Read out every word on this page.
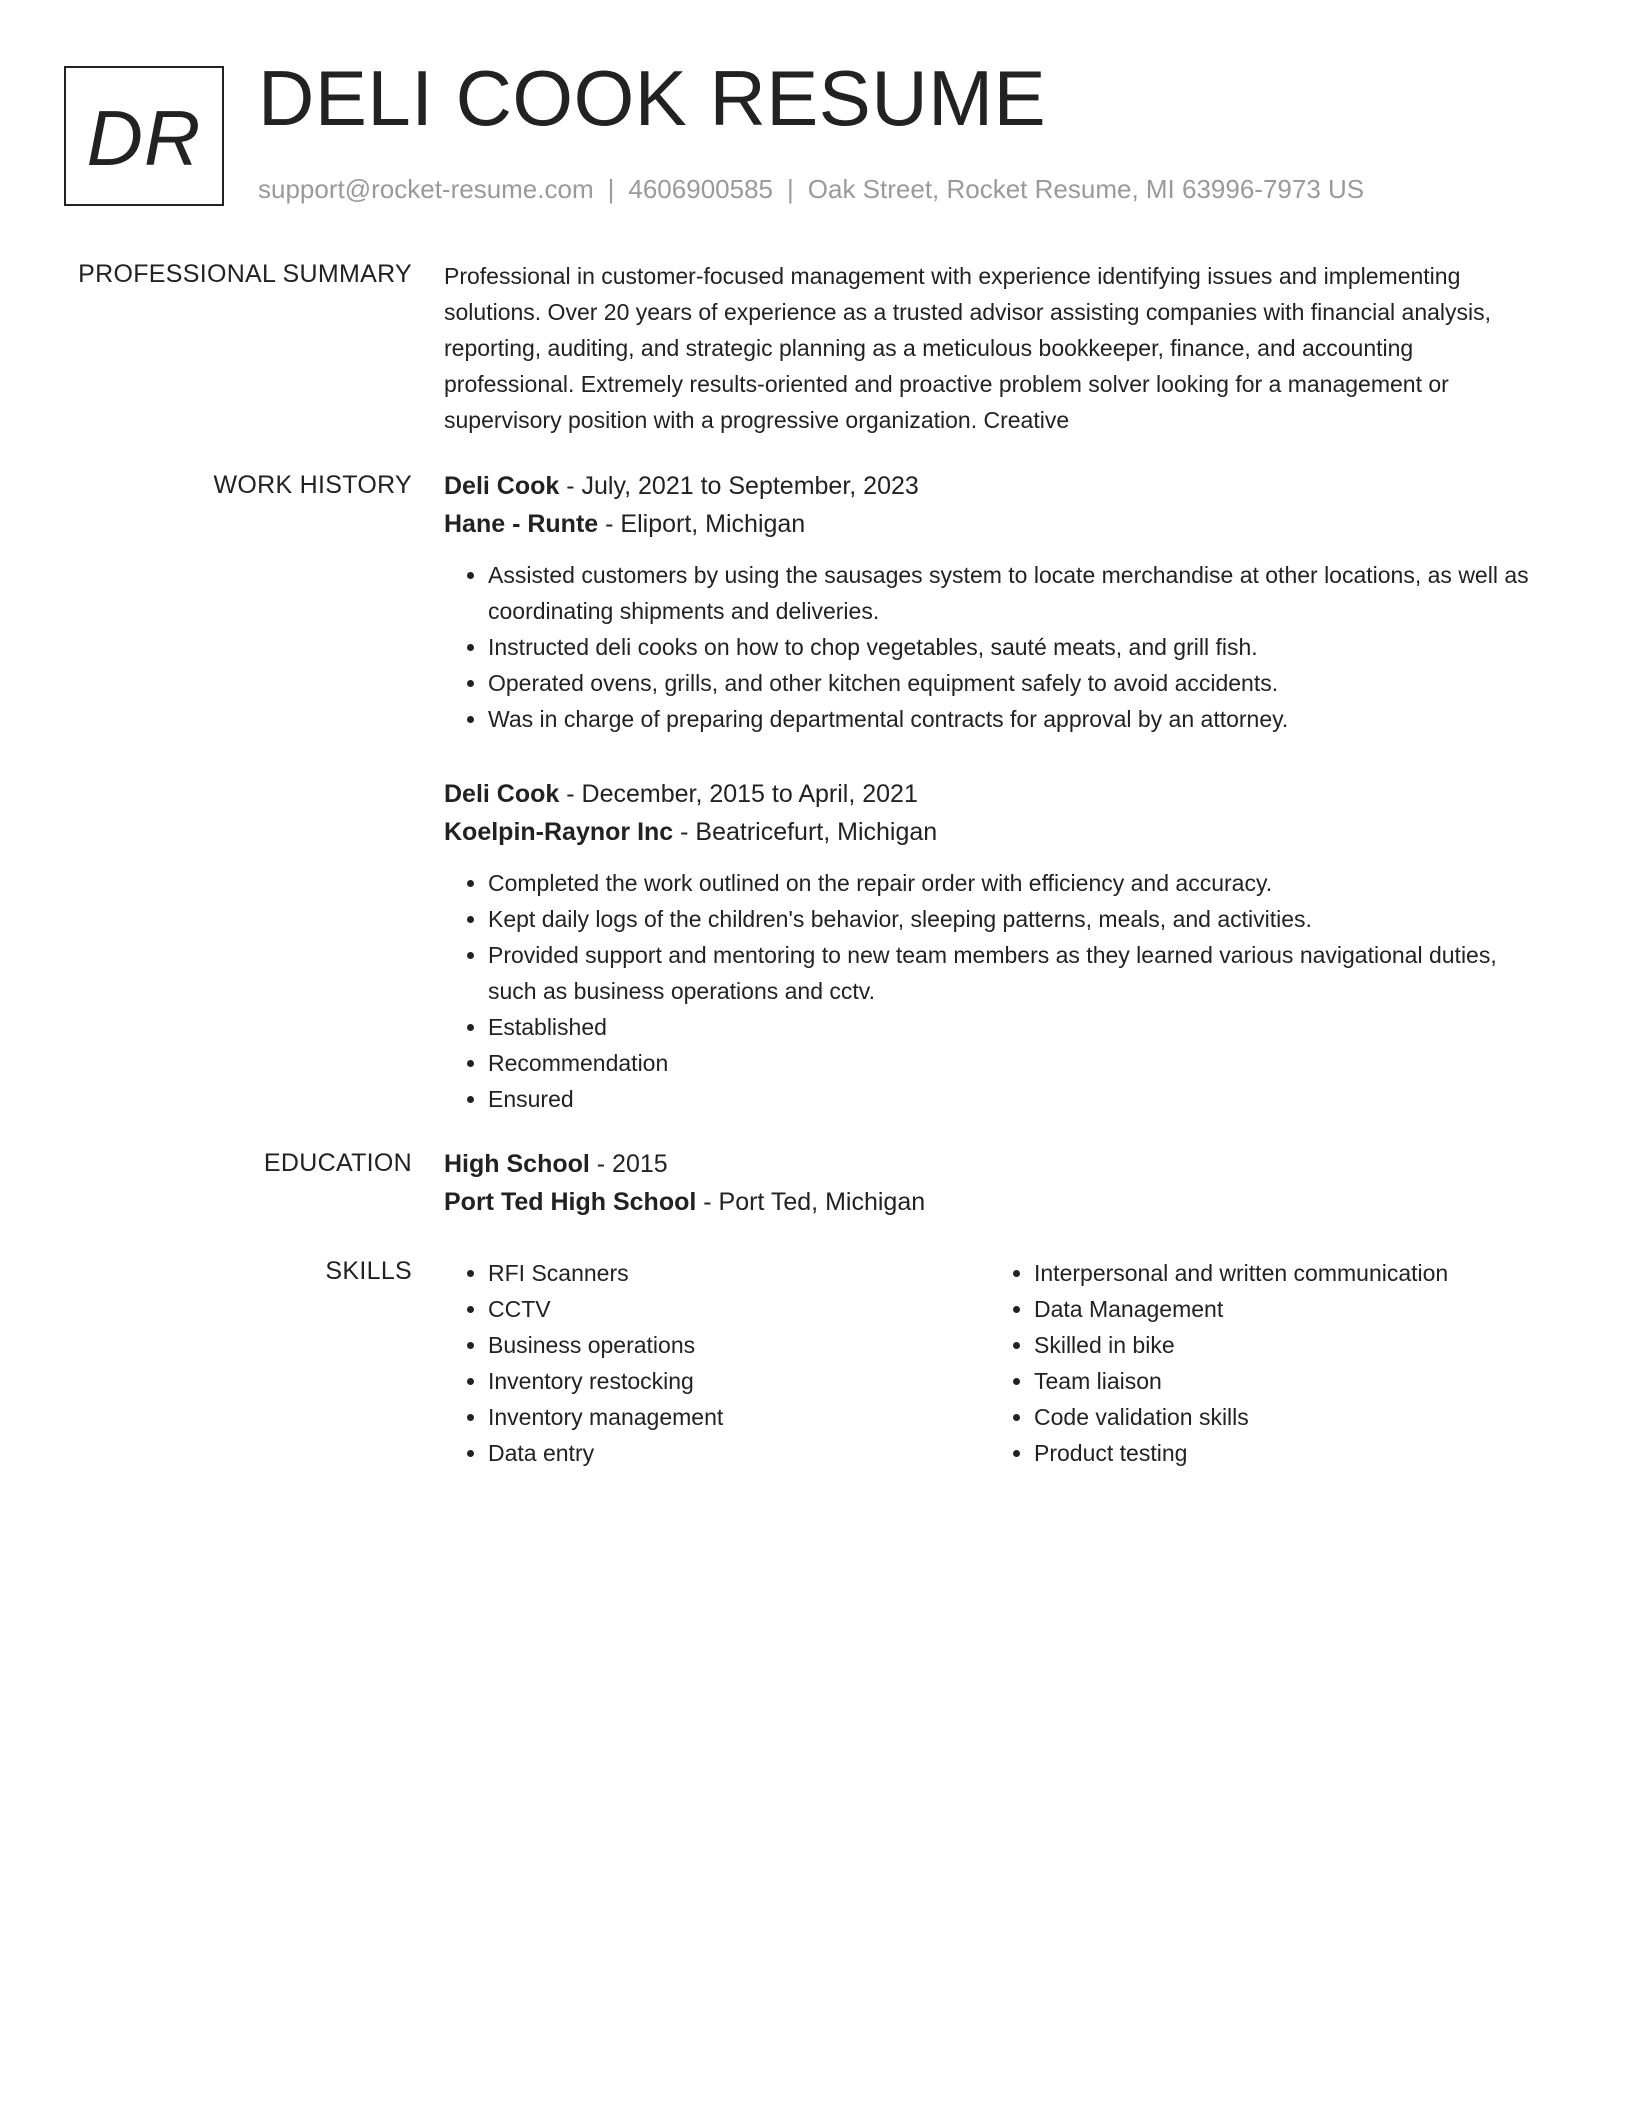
DR DELI COOK RESUME
support@rocket-resume.com | 4606900585 | Oak Street, Rocket Resume, MI 63996-7973 US
PROFESSIONAL SUMMARY Professional in customer-focused management with experience identifying issues and implementing solutions. Over 20 years of experience as a trusted advisor assisting companies with financial analysis, reporting, auditing, and strategic planning as a meticulous bookkeeper, finance, and accounting professional. Extremely results-oriented and proactive problem solver looking for a management or supervisory position with a progressive organization. Creative

WORK HISTORY Deli Cook - July, 2021 to September, 2023
Hane - Runte - Eliport, Michigan
• Assisted customers by using the sausages system to locate merchandise at other locations, as well as coordinating shipments and deliveries.
• Instructed deli cooks on how to chop vegetables, sauté meats, and grill fish.
• Operated ovens, grills, and other kitchen equipment safely to avoid accidents.
• Was in charge of preparing departmental contracts for approval by an attorney.
Deli Cook - December, 2015 to April, 2021
Koelpin-Raynor Inc - Beatricefurt, Michigan
• Completed the work outlined on the repair order with efficiency and accuracy.
• Kept daily logs of the children's behavior, sleeping patterns, meals, and activities.
• Provided support and mentoring to new team members as they learned various navigational duties, such as business operations and cctv.
• Established
• Recommendation
• Ensured
EDUCATION High School - 2015
Port Ted High School - Port Ted, Michigan
SKILLS
•	RFI Scanners
• CCTV
• Business operations
• Inventory restocking
• Inventory management
• Data entry
• Interpersonal and written communication
• Data Management
• Skilled in bike
• Team liaison
• Code validation skills
• Product testing
